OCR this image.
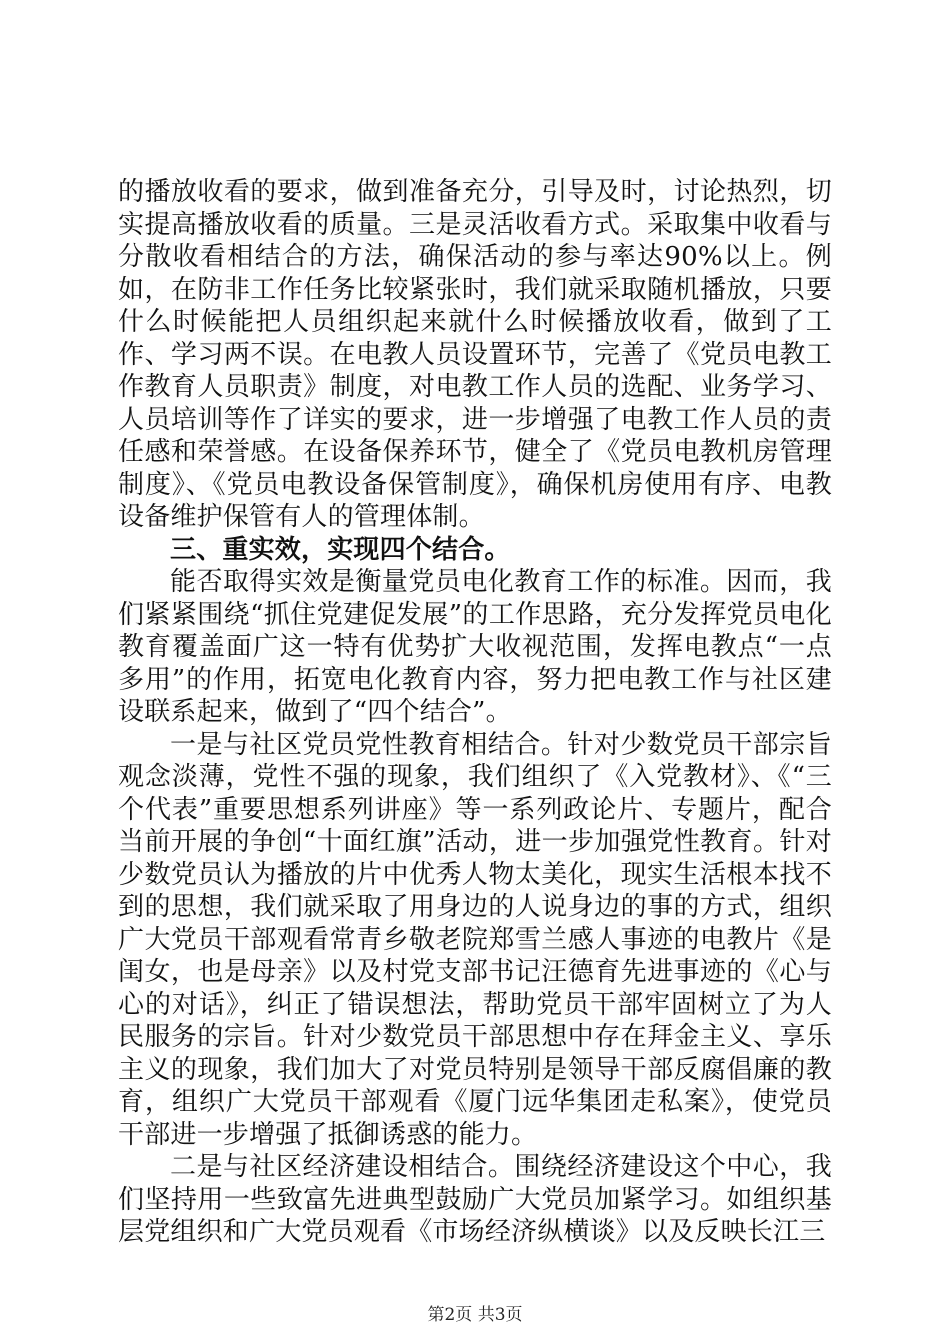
的播放收看的要求，做到准备充分，引导及时，讨论热烈，切实提高播放收看的质量。三是灵活收看方式。采取集中收看与分散收看相结合的方法，确保活动的参与率达90%以上。例如，在防非工作任务比较紧张时，我们就采取随机播放，只要什么时候能把人员组织起来就什么时候播放收看，做到了工作、学习两不误。在电教人员设置环节，完善了《党员电教工作教育人员职责》制度，对电教工作人员的选配、业务学习、人员培训等作了详实的要求，进一步增强了电教工作人员的责任感和荣誉感。在设备保养环节，健全了《党员电教机房管理制度》、《党员电教设备保管制度》，确保机房使用有序、电教设备维护保管有人的管理体制。

三、重实效，实现四个结合。

能否取得实效是衡量党员电化教育工作的标准。因而，我们紧紧围绕“抓住党建促发展”的工作思路，充分发挥党员电化教育覆盖面广这一特有优势扩大收视范围，发挥电教点“一点多用”的作用，拓宽电化教育内容，努力把电教工作与社区建设联系起来，做到了“四个结合”。

一是与社区党员党性教育相结合。针对少数党员干部宗旨观念淡薄，党性不强的现象，我们组织了《入党教材》、《“三个代表”重要思想系列讲座》等一系列政论片、专题片，配合当前开展的争创“十面红旗”活动，进一步加强党性教育。针对少数党员认为播放的片中优秀人物太美化，现实生活根本找不到的思想，我们就采取了用身边的人说身边的事的方式，组织广大党员干部观看常青乡敬老院郑雪兰感人事迹的电教片《是闺女，也是母亲》以及村党支部书记汪德育先进事迹的《心与心的对话》，纠正了错误想法，帮助党员干部牢固树立了为人民服务的宗旨。针对少数党员干部思想中存在拜金主义、享乐主义的现象，我们加大了对党员特别是领导干部反腐倡廉的教育，组织广大党员干部观看《厦门远华集团走私案》，使党员干部进一步增强了抵御诱惑的能力。

二是与社区经济建设相结合。围绕经济建设这个中心，我们坚持用一些致富先进典型鼓励广大党员加紧学习。如组织基层党组织和广大党员观看《市场经济纵横谈》以及反映长江三

第2页 共3页
